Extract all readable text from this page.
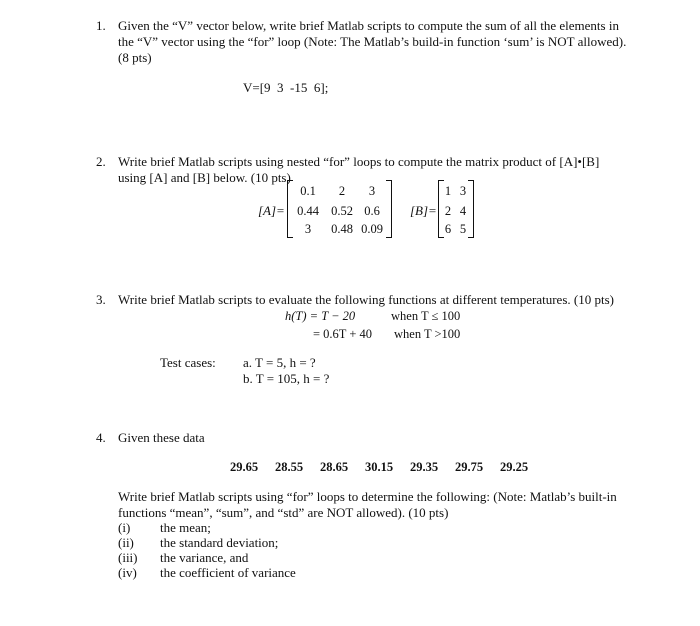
1. Given the “V” vector below, write brief Matlab scripts to compute the sum of all the elements in
the “V” vector using the “for” loop (Note: The Matlab’s build-in function ‘sum’ is NOT allowed).
(8 pts)
V=[9  3  -15  6];
2. Write brief Matlab scripts using nested “for” loops to compute the matrix product of [A]•[B]
using [A] and [B] below. (10 pts)
[A]=
0.1	2	3
0.44 0.52 0.6
3	0.48 0.09
[B]=
1 3
2 4
6 5
3. Write brief Matlab scripts to evaluate the following functions at different temperatures. (10 pts)
h(T) = T − 20	when T ≤ 100
= 0.6T + 40 when T >100
Test cases: a. T = 5, h = ?
b. T = 105, h = ?
4. Given these data
29.65 28.55 28.65 30.15 29.35 29.75 29.25
Write brief Matlab scripts using “for” loops to determine the following: (Note: Matlab’s built-in
functions “mean”, “sum”, and “std” are NOT allowed). (10 pts)
(i) the mean;
(ii) the standard deviation;
(iii) the variance, and
(iv) the coefficient of variance
